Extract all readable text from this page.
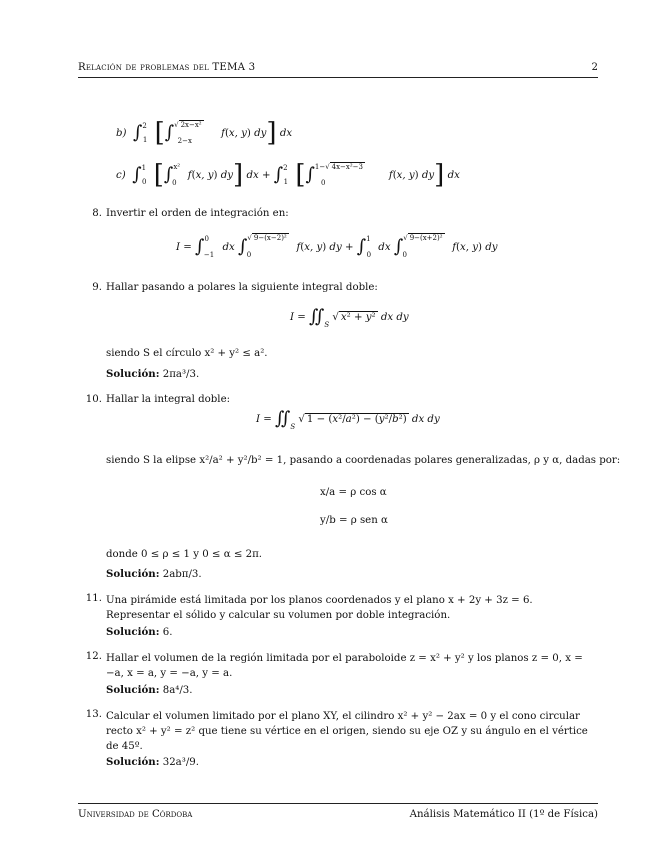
Relación de problemas del TEMA 3	2
b) ∫$^2_1$ [∫$^{√ 2x-x^2}_{2-x}$ f(x, y) dy] dx
c) ∫$^1_0$ [∫$^{x^2}_0$ f(x, y) dy] dx + ∫$^2_1$ [∫$^{1-√ 4x-x^2-3}_0$      f(x, y) dy] dx
8. Invertir el orden de integración en:
I = ∫$^0_{-1}$ dx ∫$^{√ 9-(x-2)^2}_0$ f(x, y) dy + ∫$^1_0$ dx ∫$^{√ 9-(x+2)^2}_0$ f(x, y) dy
9. Hallar pasando a polares la siguiente integral doble:
$I = ∬_S$ √ x² + y² dx dy
siendo S el círculo x² + y² ≤ a².
Solución: 2πa³/3.
10. Hallar la integral doble:
$I = ∬_S$ √ 1 − (x²/a²) − (y²/b²) dx dy
siendo S la elipse x²/a² + y²/b² = 1, pasando a coordenadas polares generalizadas, ρ y α, dadas por:
x/a = ρ cos α
y/b = ρ sen α
donde 0 ≤ ρ ≤ 1 y 0 ≤ α ≤ 2π.
Solución: 2abπ/3.
11. Una pirámide está limitada por los planos coordenados y el plano x + 2y + 3z = 6. Representar el sólido y calcular su volumen por doble integración.
Solución: 6.
12. Hallar el volumen de la región limitada por el paraboloide z = x² + y² y los planos z = 0, x = −a, x = a, y = −a, y = a.
Solución: 8a⁴/3.
13. Calcular el volumen limitado por el plano XY, el cilindro x² + y² − 2ax = 0 y el cono circular recto x² + y² = z² que tiene su vértice en el origen, siendo su eje OZ y su ángulo en el vértice de 45º.
Solución: 32a³/9.
Universidad de Córdoba	Análisis Matemático II (1º de Física)
